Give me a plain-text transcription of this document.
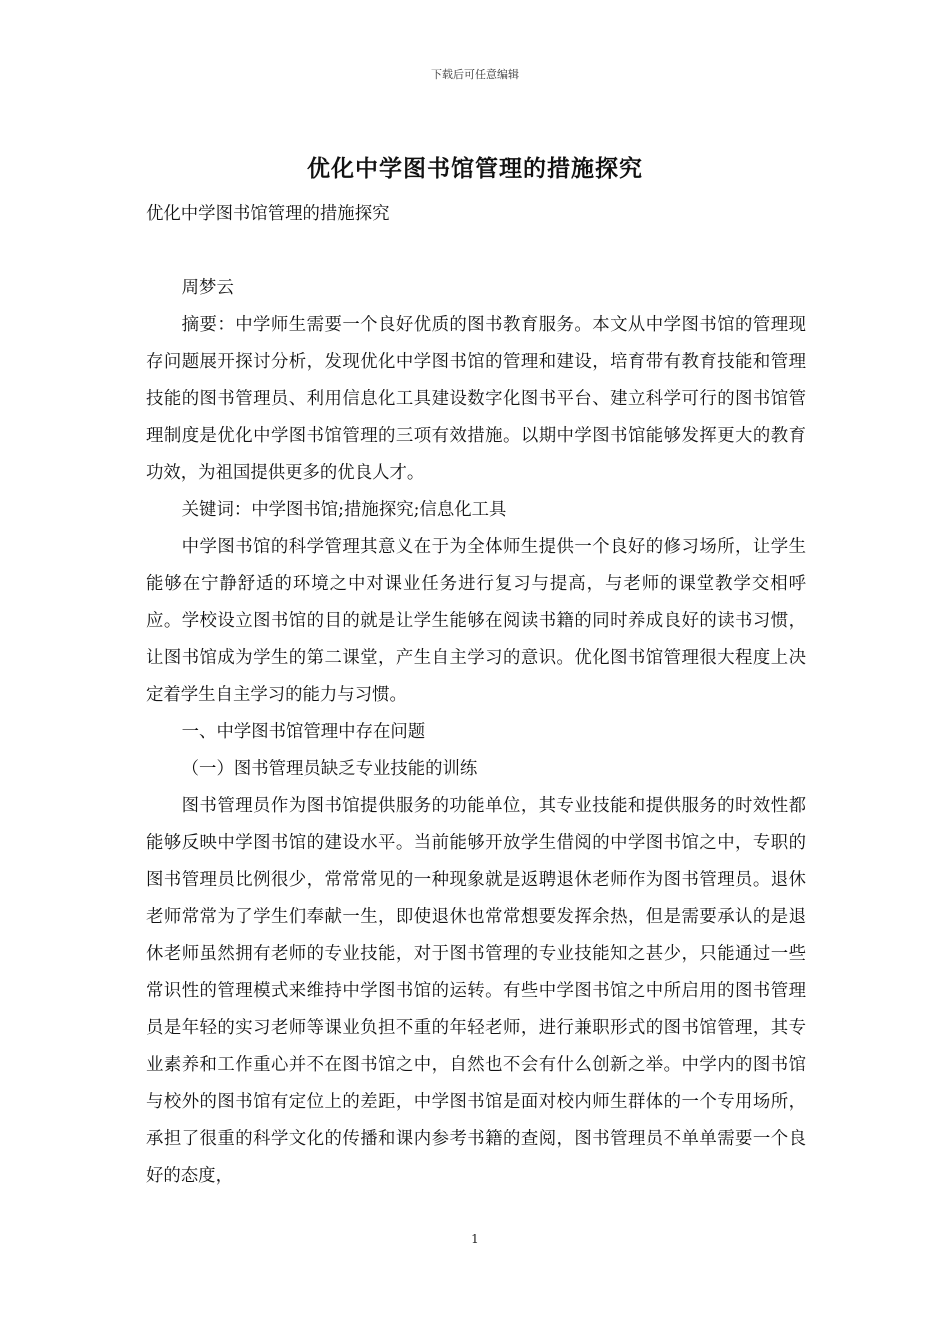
下载后可任意编辑
优化中学图书馆管理的措施探究

优化中学图书馆管理的措施探究

周梦云

摘要：中学师生需要一个良好优质的图书教育服务。本文从中学图书馆的管理现存问题展开探讨分析，发现优化中学图书馆的管理和建设，培育带有教育技能和管理技能的图书管理员、利用信息化工具建设数字化图书平台、建立科学可行的图书馆管理制度是优化中学图书馆管理的三项有效措施。以期中学图书馆能够发挥更大的教育功效，为祖国提供更多的优良人才。

关键词：中学图书馆;措施探究;信息化工具

中学图书馆的科学管理其意义在于为全体师生提供一个良好的修习场所，让学生能够在宁静舒适的环境之中对课业任务进行复习与提高，与老师的课堂教学交相呼应。学校设立图书馆的目的就是让学生能够在阅读书籍的同时养成良好的读书习惯，让图书馆成为学生的第二课堂，产生自主学习的意识。优化图书馆管理很大程度上决定着学生自主学习的能力与习惯。

一、中学图书馆管理中存在问题

（一）图书管理员缺乏专业技能的训练

图书管理员作为图书馆提供服务的功能单位，其专业技能和提供服务的时效性都能够反映中学图书馆的建设水平。当前能够开放学生借阅的中学图书馆之中，专职的图书管理员比例很少，常常常见的一种现象就是返聘退休老师作为图书管理员。退休老师常常为了学生们奉献一生，即使退休也常常想要发挥余热，但是需要承认的是退休老师虽然拥有老师的专业技能，对于图书管理的专业技能知之甚少，只能通过一些常识性的管理模式来维持中学图书馆的运转。有些中学图书馆之中所启用的图书管理员是年轻的实习老师等课业负担不重的年轻老师，进行兼职形式的图书馆管理，其专业素养和工作重心并不在图书馆之中，自然也不会有什么创新之举。中学内的图书馆与校外的图书馆有定位上的差距，中学图书馆是面对校内师生群体的一个专用场所，承担了很重的科学文化的传播和课内参考书籍的查阅，图书管理员不单单需要一个良好的态度，

1
